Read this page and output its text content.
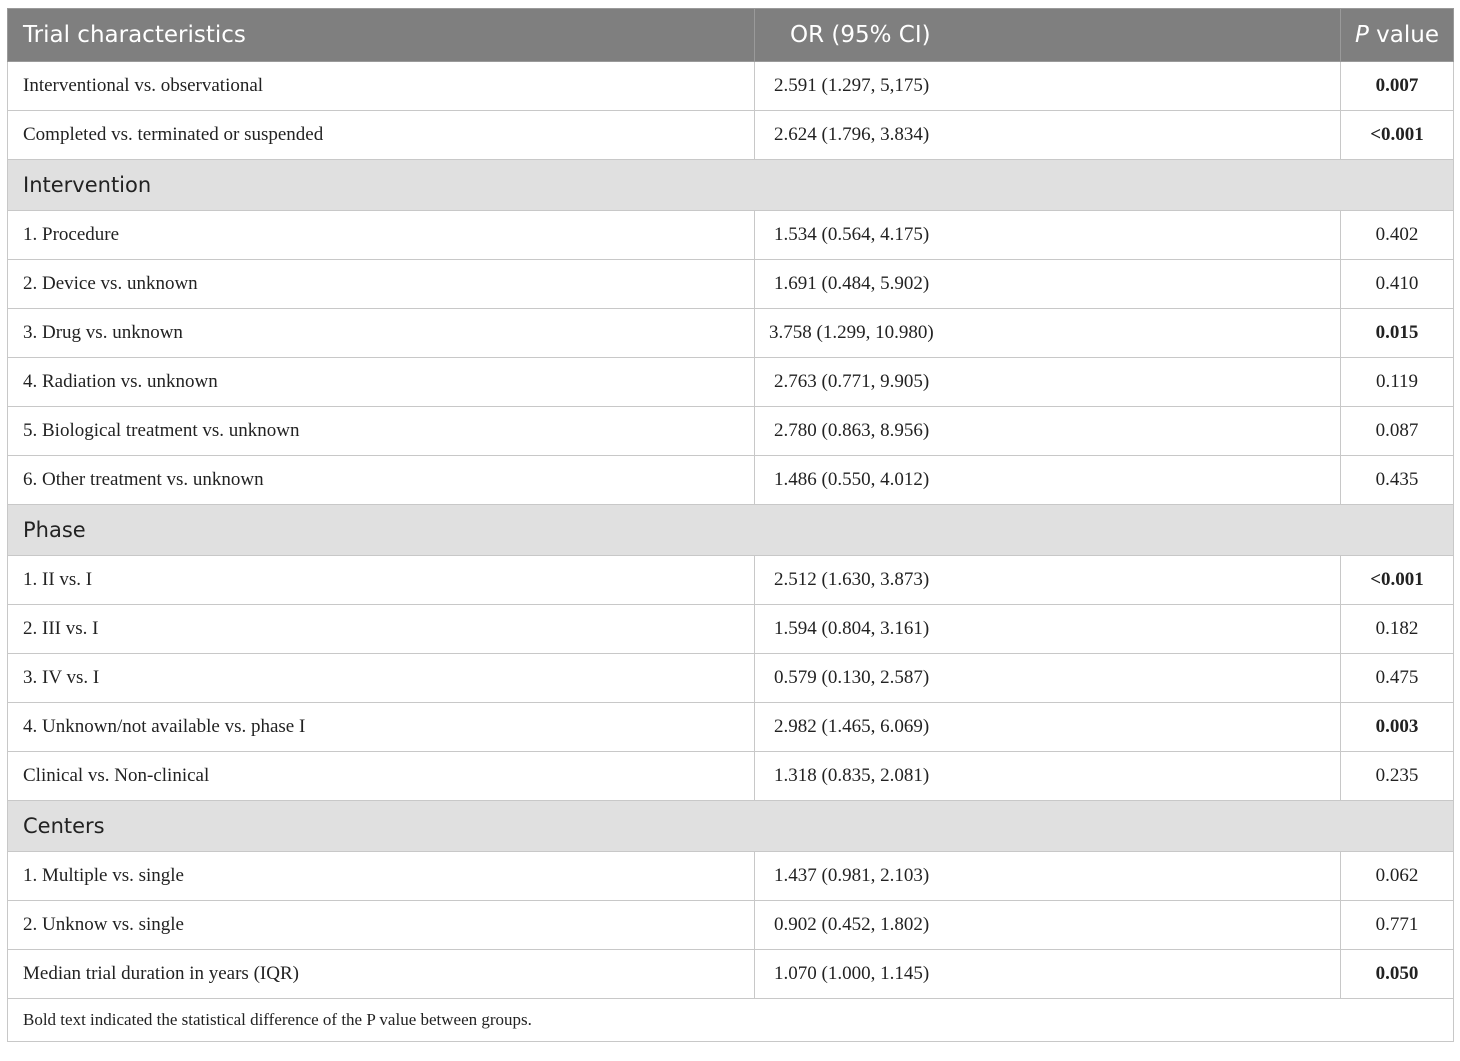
Trial characteristics	OR (95% CI)	P value
Interventional vs. observational	2.591 (1.297, 5,175)	0.007
Completed vs. terminated or suspended	2.624 (1.796, 3.834)	<0.001
Intervention		
1. Procedure	1.534 (0.564, 4.175)	0.402
2. Device vs. unknown	1.691 (0.484, 5.902)	0.410
3. Drug vs. unknown	3.758 (1.299, 10.980)	0.015
4. Radiation vs. unknown	2.763 (0.771, 9.905)	0.119
5. Biological treatment vs. unknown	2.780 (0.863, 8.956)	0.087
6. Other treatment vs. unknown	1.486 (0.550, 4.012)	0.435
Phase		
1. II vs. I	2.512 (1.630, 3.873)	<0.001
2. III vs. I	1.594 (0.804, 3.161)	0.182
3. IV vs. I	0.579 (0.130, 2.587)	0.475
4. Unknown/not available vs. phase I	2.982 (1.465, 6.069)	0.003
Clinical vs. Non-clinical	1.318 (0.835, 2.081)	0.235
Centers		
1. Multiple vs. single	1.437 (0.981, 2.103)	0.062
2. Unknow vs. single	0.902 (0.452, 1.802)	0.771
Median trial duration in years (IQR)	1.070 (1.000, 1.145)	0.050
Bold text indicated the statistical difference of the P value between groups.		
